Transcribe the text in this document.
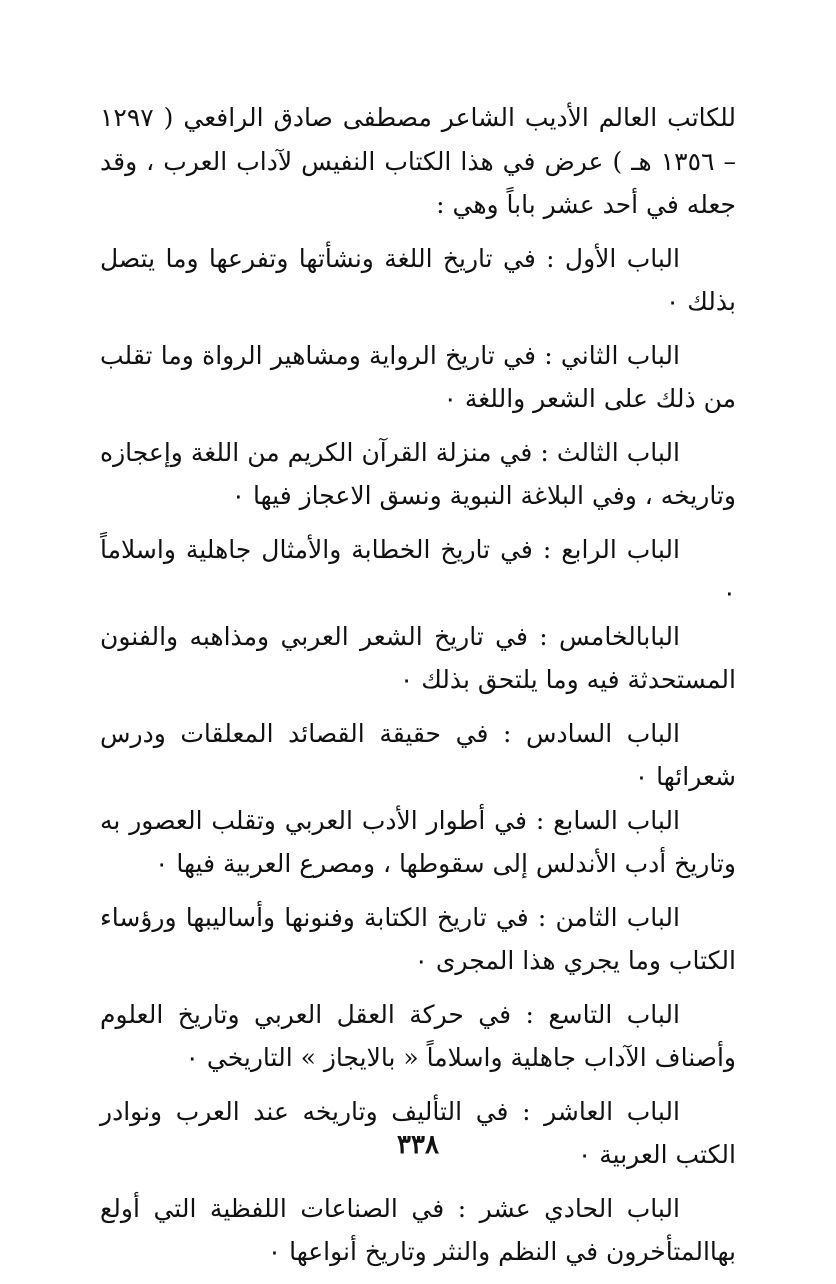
للكاتب العالم الأديب الشاعر مصطفى صادق الرافعي ( ١٢٩٧ – ١٣٥٦ هـ ) عرض في هذا الكتاب النفيس لآداب العرب ، وقد جعله في أحد عشر باباً وهي :

الباب الأول : في تاريخ اللغة ونشأتها وتفرعها وما يتصل بذلك ٠

الباب الثاني : في تاريخ الرواية ومشاهير الرواة وما تقلب من ذلك على الشعر واللغة ٠

الباب الثالث : في منزلة القرآن الكريم من اللغة وإعجازه وتاريخه ، وفي البلاغة النبوية ونسق الاعجاز فيها ٠

الباب الرابع : في تاريخ الخطابة والأمثال جاهلية واسلاماً ٠

البابالخامس : في تاريخ الشعر العربي ومذاهبه والفنون المستحدثة فيه وما يلتحق بذلك ٠

الباب السادس : في حقيقة القصائد المعلقات ودرس شعرائها ٠

الباب السابع : في أطوار الأدب العربي وتقلب العصور به وتاريخ أدب الأندلس إلى سقوطها ، ومصرع العربية فيها ٠

الباب الثامن : في تاريخ الكتابة وفنونها وأساليبها ورؤساء الكتاب وما يجري هذا المجرى ٠

الباب التاسع : في حركة العقل العربي وتاريخ العلوم وأصناف الآداب جاهلية واسلاماً « بالايجاز » التاريخي ٠

الباب العاشر : في التأليف وتاريخه عند العرب ونوادر الكتب العربية ٠

الباب الحادي عشر : في الصناعات اللفظية التي أولع بهاالمتأخرون في النظم والنثر وتاريخ أنواعها ٠

٣٣٨
